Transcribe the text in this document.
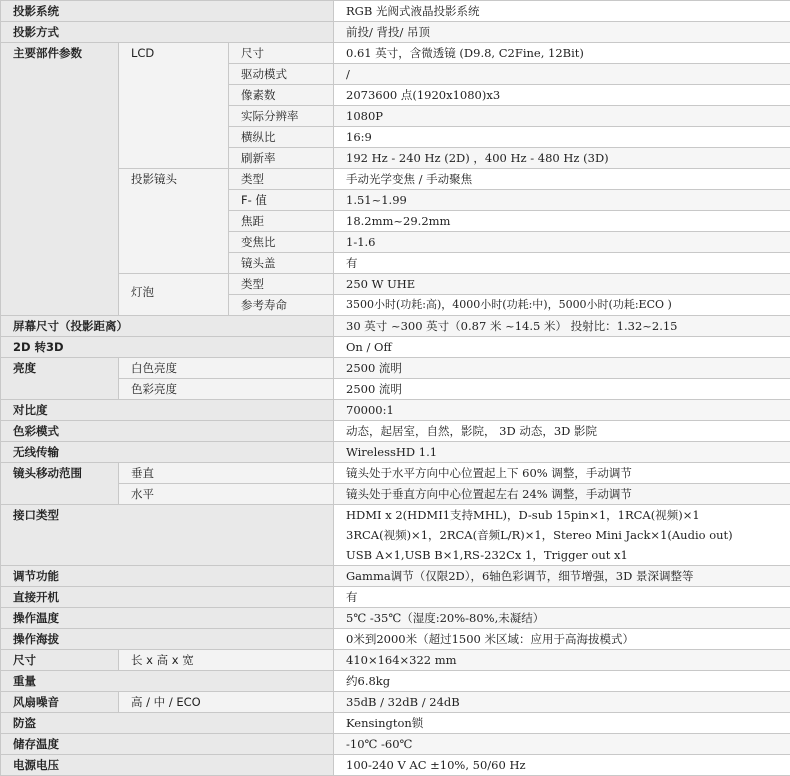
投影系统			RGB 光阀式液晶投影系统
投影方式			前投/ 背投/ 吊顶
主要部件参数	LCD	尺寸	0.61 英寸，含微透镜 (D9.8, C2Fine, 12Bit)
		驱动模式	/
		像素数	2073600 点(1920x1080)x3
		实际分辨率	1080P
		横纵比	16:9
		刷新率	192 Hz - 240 Hz (2D) ，400 Hz - 480 Hz (3D)
	投影镜头	类型	手动光学变焦 / 手动聚焦
		F- 值	1.51~1.99
		焦距	18.2mm~29.2mm
		变焦比	1-1.6
		镜头盖	有
	灯泡	类型	250 W UHE
		参考寿命	3500小时(功耗:高)，4000小时(功耗:中)，5000小时(功耗:ECO )
屏幕尺寸（投影距离）			30 英寸 ~300 英寸（0.87 米 ~14.5 米） 投射比：1.32~2.15
2D 转3D			On / Off
亮度	白色亮度		2500 流明
	色彩亮度		2500 流明
对比度			70000:1
色彩模式			动态，起居室，自然，影院， 3D 动态，3D 影院
无线传输			WirelessHD 1.1
镜头移动范围	垂直		镜头处于水平方向中心位置起上下 60% 调整，手动调节
	水平		镜头处于垂直方向中心位置起左右 24% 调整，手动调节
接口类型			HDMI x 2(HDMI1支持MHL)，D-sub 15pin×1，1RCA(视频)×1
3RCA(视频)×1，2RCA(音频L/R)×1，Stereo Mini Jack×1(Audio out)
USB A×1,USB B×1,RS-232Cx 1，Trigger out x1

调节功能			Gamma调节（仅限2D），6轴色彩调节，细节增强，3D 景深调整等
直接开机			有
操作温度			5℃ -35℃（湿度:20%-80%,未凝结）
操作海拔			0米到2000米（超过1500 米区域：应用于高海拔模式）
尺寸	长 x 高 x 宽		410×164×322 mm
重量			约6.8kg
风扇噪音	高 / 中 / ECO		35dB / 32dB / 24dB
防盗			Kensington锁
储存温度			-10℃ -60℃
电源电压			100-240 V AC ±10%, 50/60 Hz
